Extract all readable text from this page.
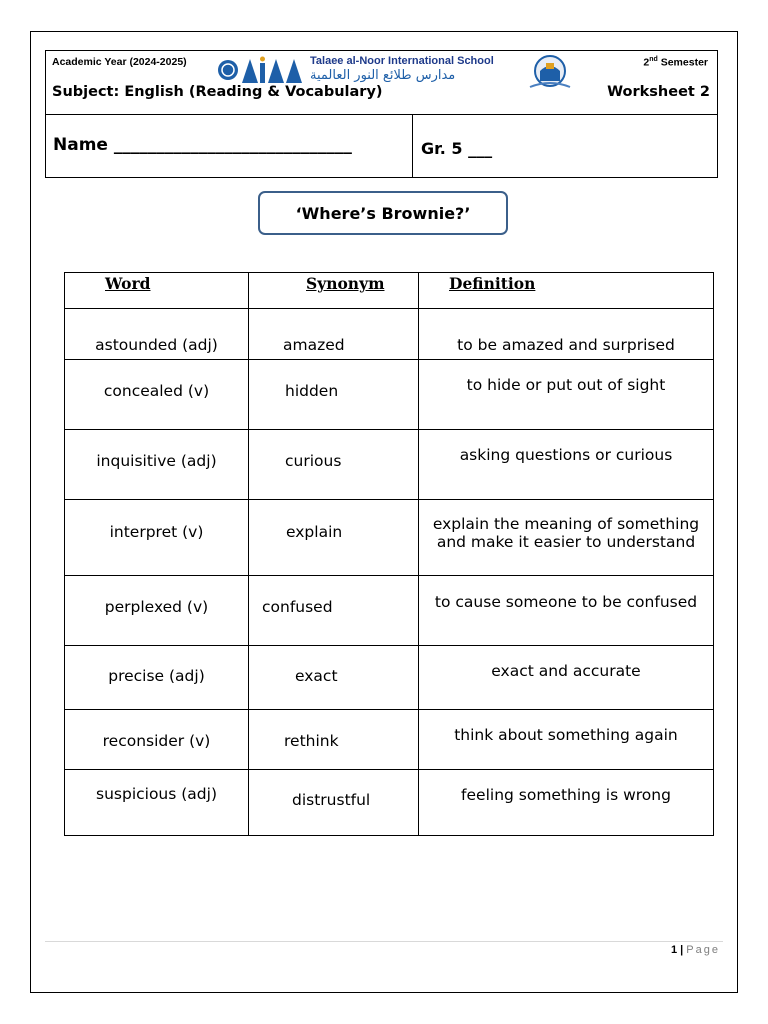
Academic Year (2024-2025)	Talaee al-Noor International School
مدارس طلائع النور العالمية
2nd Semester
Subject: English (Reading & Vocabulary)	Worksheet 2
Name ____________________________	Gr. 5 ___
‘Where’s Brownie?’
Word	Synonym	Definition
astounded (adj)	amazed	to be amazed and surprised
concealed (v)	hidden	to hide or put out of sight
inquisitive (adj)	curious	asking questions or curious
interpret (v)	explain	explain the meaning of something and make it easier to understand
perplexed (v)	confused	to cause someone to be confused
precise (adj)	exact	exact and accurate
reconsider (v)	rethink	think about something again
suspicious (adj)	distrustful	feeling something is wrong
1 | Page
